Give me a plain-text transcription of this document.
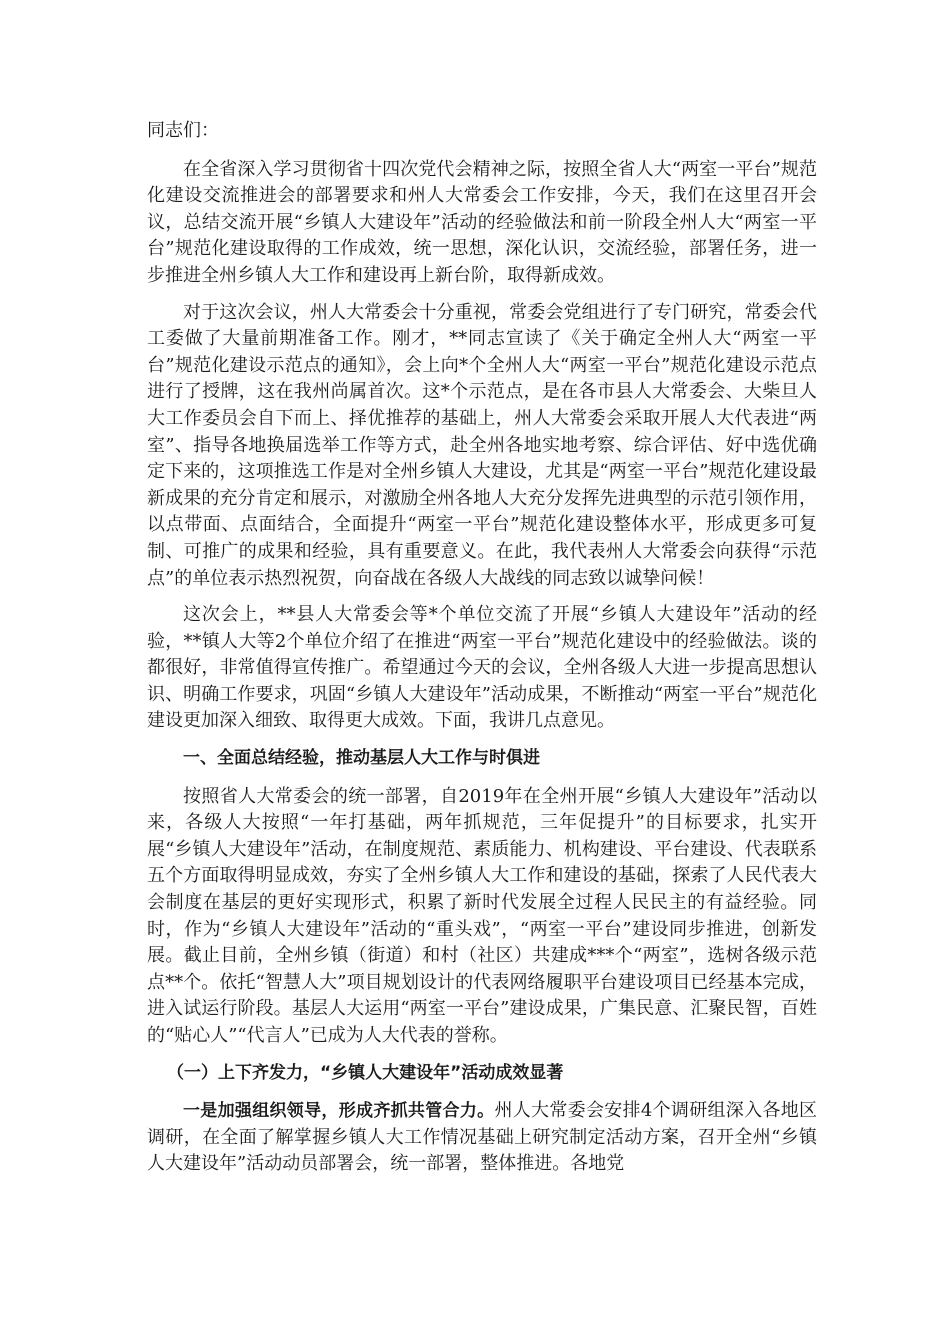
同志们：

在全省深入学习贯彻省十四次党代会精神之际，按照全省人大“两室一平台”规范化建设交流推进会的部署要求和州人大常委会工作安排，今天，我们在这里召开会议，总结交流开展“乡镇人大建设年”活动的经验做法和前一阶段全州人大“两室一平台”规范化建设取得的工作成效，统一思想，深化认识，交流经验，部署任务，进一步推进全州乡镇人大工作和建设再上新台阶，取得新成效。

对于这次会议，州人大常委会十分重视，常委会党组进行了专门研究，常委会代工委做了大量前期准备工作。刚才，**同志宣读了《关于确定全州人大“两室一平台”规范化建设示范点的通知》，会上向*个全州人大“两室一平台”规范化建设示范点进行了授牌，这在我州尚属首次。这*个示范点，是在各市县人大常委会、大柴旦人大工作委员会自下而上、择优推荐的基础上，州人大常委会采取开展人大代表进“两室”、指导各地换届选举工作等方式，赴全州各地实地考察、综合评估、好中选优确定下来的，这项推选工作是对全州乡镇人大建设，尤其是“两室一平台”规范化建设最新成果的充分肯定和展示，对激励全州各地人大充分发挥先进典型的示范引领作用，以点带面、点面结合，全面提升“两室一平台”规范化建设整体水平，形成更多可复制、可推广的成果和经验，具有重要意义。在此，我代表州人大常委会向获得“示范点”的单位表示热烈祝贺，向奋战在各级人大战线的同志致以诚挚问候！

这次会上，**县人大常委会等*个单位交流了开展“乡镇人大建设年”活动的经验，**镇人大等2个单位介绍了在推进“两室一平台”规范化建设中的经验做法。谈的都很好，非常值得宣传推广。希望通过今天的会议，全州各级人大进一步提高思想认识、明确工作要求，巩固“乡镇人大建设年”活动成果，不断推动“两室一平台”规范化建设更加深入细致、取得更大成效。下面，我讲几点意见。

一、全面总结经验，推动基层人大工作与时俱进

按照省人大常委会的统一部署，自2019年在全州开展“乡镇人大建设年”活动以来，各级人大按照“一年打基础，两年抓规范，三年促提升”的目标要求，扎实开展“乡镇人大建设年”活动，在制度规范、素质能力、机构建设、平台建设、代表联系五个方面取得明显成效，夯实了全州乡镇人大工作和建设的基础，探索了人民代表大会制度在基层的更好实现形式，积累了新时代发展全过程人民民主的有益经验。同时，作为“乡镇人大建设年”活动的“重头戏”，“两室一平台”建设同步推进，创新发展。截止目前，全州乡镇（街道）和村（社区）共建成***个“两室”，选树各级示范点**个。依托“智慧人大”项目规划设计的代表网络履职平台建设项目已经基本完成，进入试运行阶段。基层人大运用“两室一平台”建设成果，广集民意、汇聚民智，百姓的“贴心人”“代言人”已成为人大代表的誉称。

（一）上下齐发力，“乡镇人大建设年”活动成效显著

一是加强组织领导，形成齐抓共管合力。州人大常委会安排4个调研组深入各地区调研，在全面了解掌握乡镇人大工作情况基础上研究制定活动方案，召开全州“乡镇人大建设年”活动动员部署会，统一部署，整体推进。各地党
